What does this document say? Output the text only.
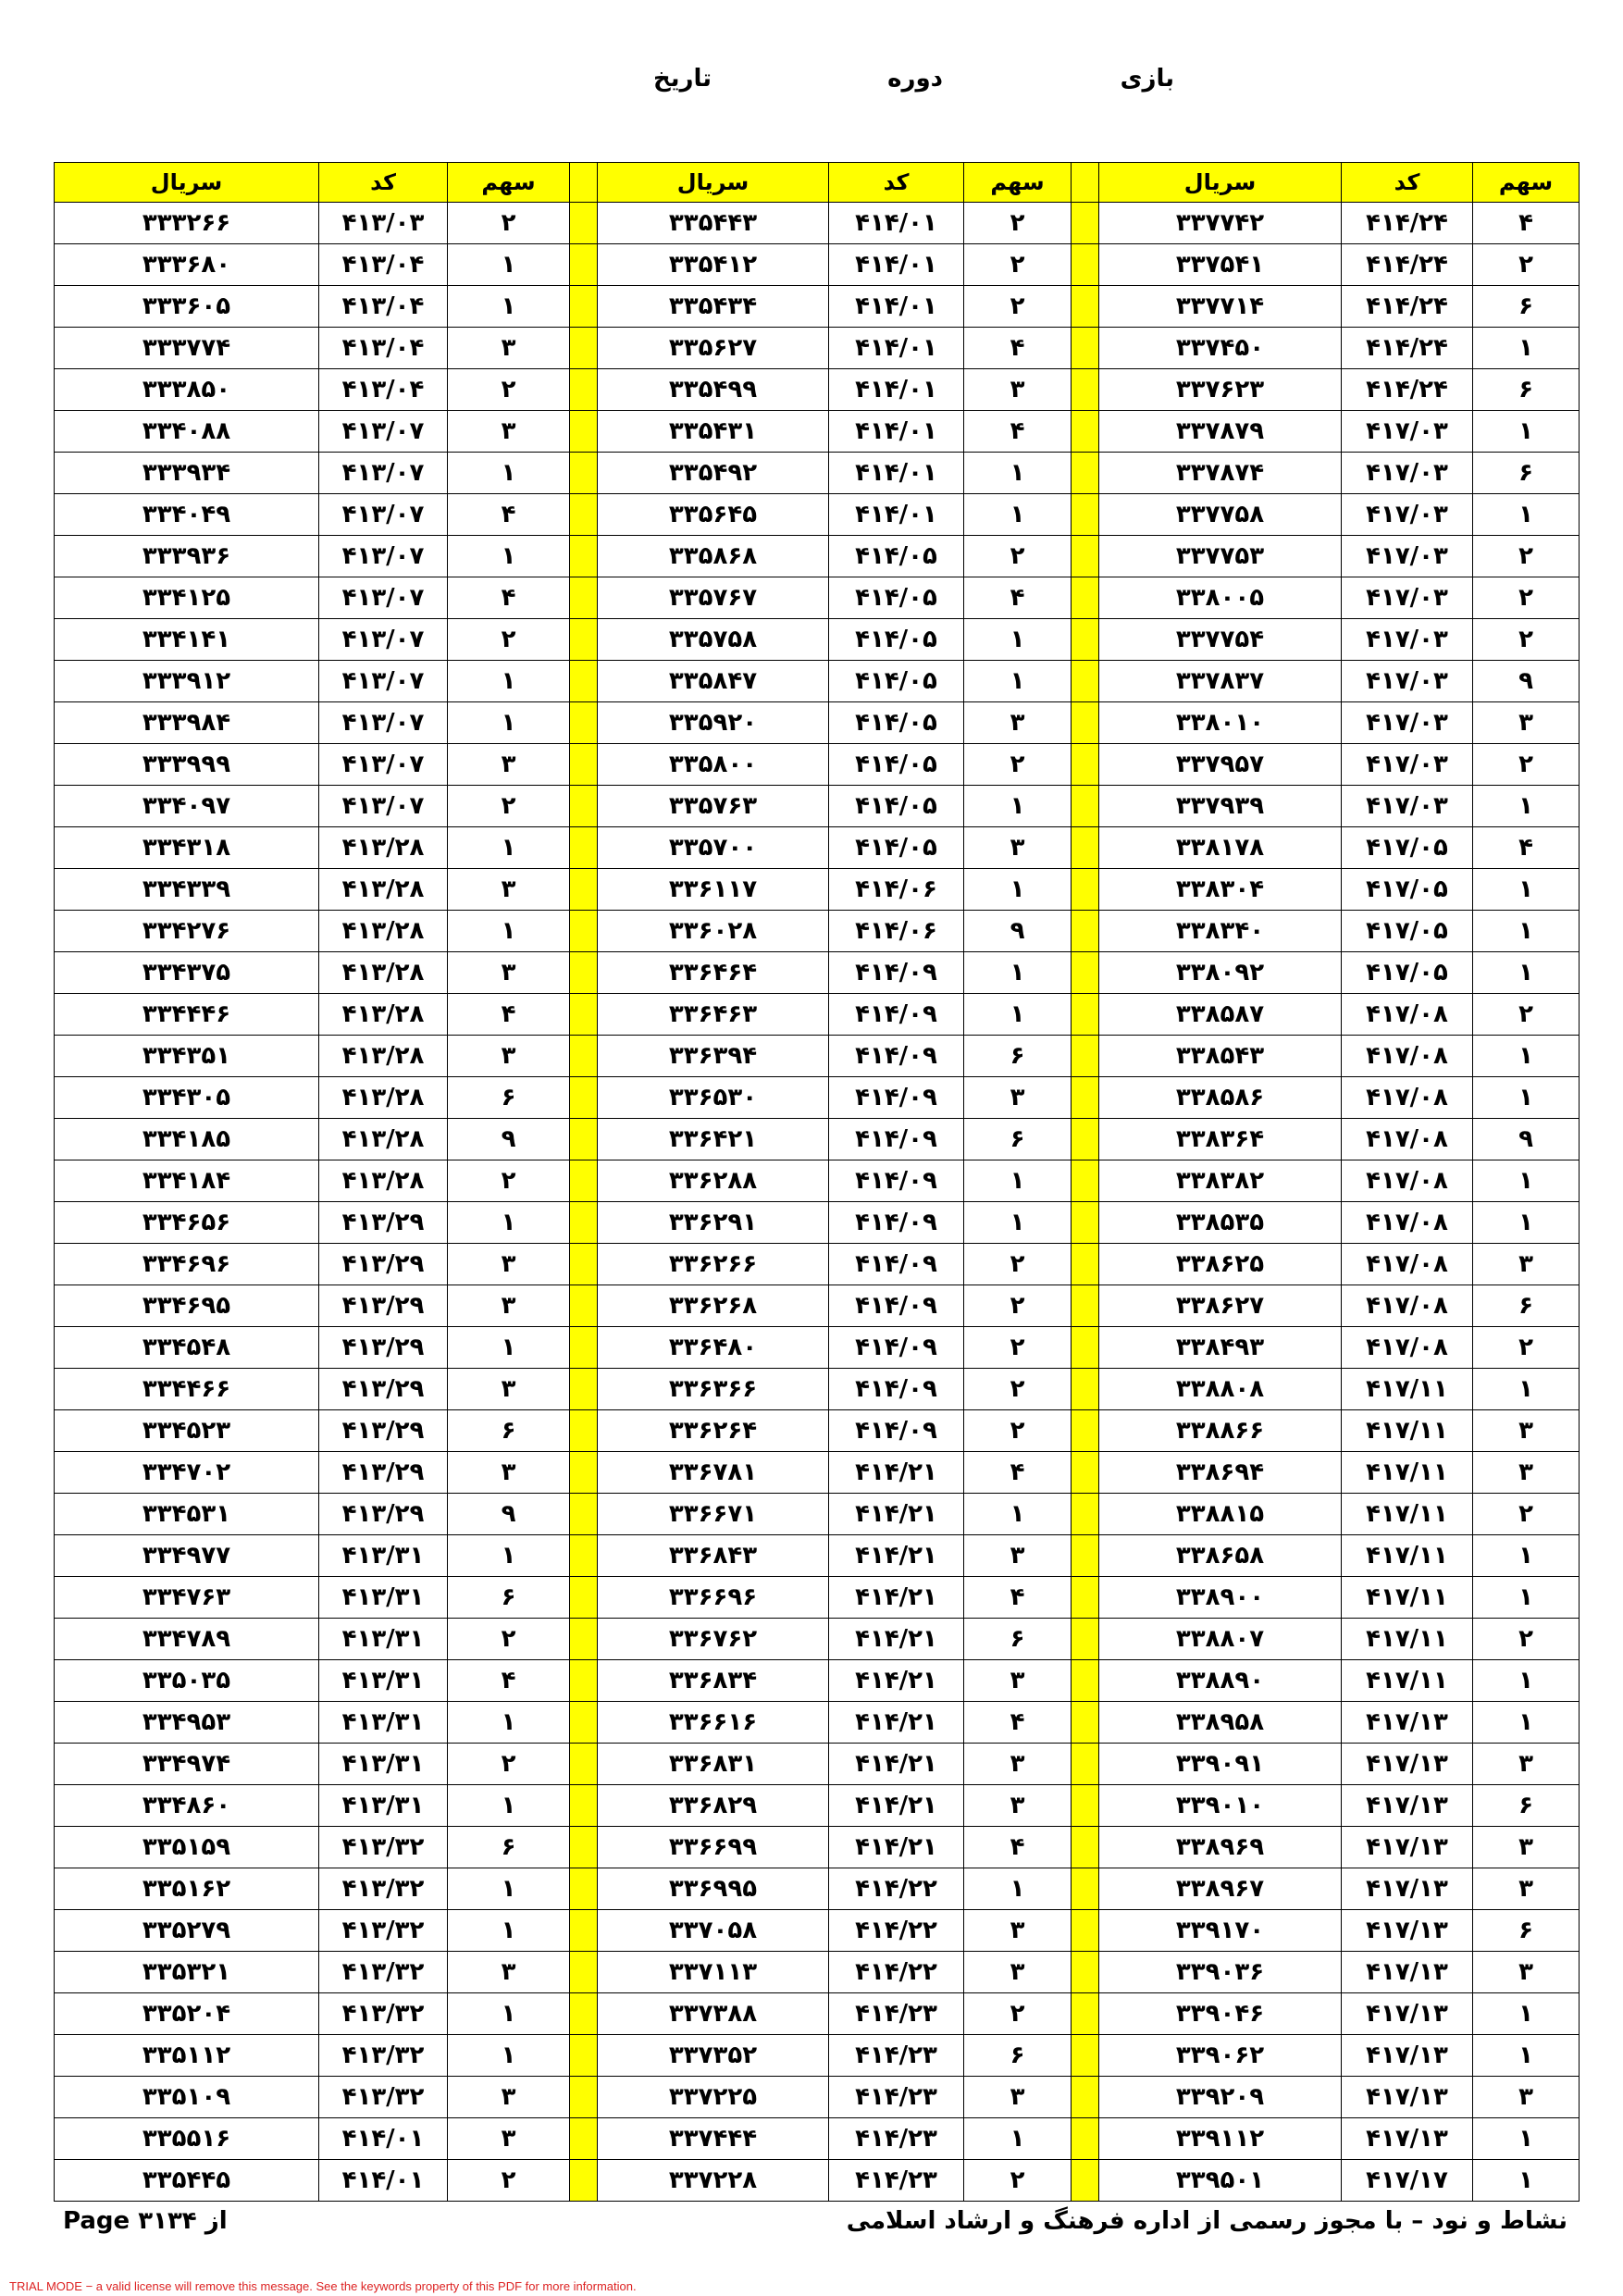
بازی
دوره
تاریخ
سهم	کد	سریال		سهم	کد	سریال		سهم	کد	سریال
۴	۴۱۴/۲۴	۳۳۷۷۴۲		۲	۴۱۴/۰۱	۳۳۵۴۴۳		۲	۴۱۳/۰۳	۳۳۳۲۶۶
۲	۴۱۴/۲۴	۳۳۷۵۴۱		۲	۴۱۴/۰۱	۳۳۵۴۱۲		۱	۴۱۳/۰۴	۳۳۳۶۸۰
۶	۴۱۴/۲۴	۳۳۷۷۱۴		۲	۴۱۴/۰۱	۳۳۵۴۳۴		۱	۴۱۳/۰۴	۳۳۳۶۰۵
۱	۴۱۴/۲۴	۳۳۷۴۵۰		۴	۴۱۴/۰۱	۳۳۵۶۲۷		۳	۴۱۳/۰۴	۳۳۳۷۷۴
۶	۴۱۴/۲۴	۳۳۷۶۲۳		۳	۴۱۴/۰۱	۳۳۵۴۹۹		۲	۴۱۳/۰۴	۳۳۳۸۵۰
۱	۴۱۷/۰۳	۳۳۷۸۷۹		۴	۴۱۴/۰۱	۳۳۵۴۳۱		۳	۴۱۳/۰۷	۳۳۴۰۸۸
۶	۴۱۷/۰۳	۳۳۷۸۷۴		۱	۴۱۴/۰۱	۳۳۵۴۹۲		۱	۴۱۳/۰۷	۳۳۳۹۳۴
۱	۴۱۷/۰۳	۳۳۷۷۵۸		۱	۴۱۴/۰۱	۳۳۵۶۴۵		۴	۴۱۳/۰۷	۳۳۴۰۴۹
۲	۴۱۷/۰۳	۳۳۷۷۵۳		۲	۴۱۴/۰۵	۳۳۵۸۶۸		۱	۴۱۳/۰۷	۳۳۳۹۳۶
۲	۴۱۷/۰۳	۳۳۸۰۰۵		۴	۴۱۴/۰۵	۳۳۵۷۶۷		۴	۴۱۳/۰۷	۳۳۴۱۲۵
۲	۴۱۷/۰۳	۳۳۷۷۵۴		۱	۴۱۴/۰۵	۳۳۵۷۵۸		۲	۴۱۳/۰۷	۳۳۴۱۴۱
۹	۴۱۷/۰۳	۳۳۷۸۳۷		۱	۴۱۴/۰۵	۳۳۵۸۴۷		۱	۴۱۳/۰۷	۳۳۳۹۱۲
۳	۴۱۷/۰۳	۳۳۸۰۱۰		۳	۴۱۴/۰۵	۳۳۵۹۲۰		۱	۴۱۳/۰۷	۳۳۳۹۸۴
۲	۴۱۷/۰۳	۳۳۷۹۵۷		۲	۴۱۴/۰۵	۳۳۵۸۰۰		۳	۴۱۳/۰۷	۳۳۳۹۹۹
۱	۴۱۷/۰۳	۳۳۷۹۳۹		۱	۴۱۴/۰۵	۳۳۵۷۶۳		۲	۴۱۳/۰۷	۳۳۴۰۹۷
۴	۴۱۷/۰۵	۳۳۸۱۷۸		۳	۴۱۴/۰۵	۳۳۵۷۰۰		۱	۴۱۳/۲۸	۳۳۴۳۱۸
۱	۴۱۷/۰۵	۳۳۸۳۰۴		۱	۴۱۴/۰۶	۳۳۶۱۱۷		۳	۴۱۳/۲۸	۳۳۴۳۳۹
۱	۴۱۷/۰۵	۳۳۸۳۴۰		۹	۴۱۴/۰۶	۳۳۶۰۲۸		۱	۴۱۳/۲۸	۳۳۴۲۷۶
۱	۴۱۷/۰۵	۳۳۸۰۹۲		۱	۴۱۴/۰۹	۳۳۶۴۶۴		۳	۴۱۳/۲۸	۳۳۴۳۷۵
۲	۴۱۷/۰۸	۳۳۸۵۸۷		۱	۴۱۴/۰۹	۳۳۶۴۶۳		۴	۴۱۳/۲۸	۳۳۴۴۴۶
۱	۴۱۷/۰۸	۳۳۸۵۴۳		۶	۴۱۴/۰۹	۳۳۶۳۹۴		۳	۴۱۳/۲۸	۳۳۴۳۵۱
۱	۴۱۷/۰۸	۳۳۸۵۸۶		۳	۴۱۴/۰۹	۳۳۶۵۳۰		۶	۴۱۳/۲۸	۳۳۴۳۰۵
۹	۴۱۷/۰۸	۳۳۸۳۶۴		۶	۴۱۴/۰۹	۳۳۶۴۲۱		۹	۴۱۳/۲۸	۳۳۴۱۸۵
۱	۴۱۷/۰۸	۳۳۸۳۸۲		۱	۴۱۴/۰۹	۳۳۶۲۸۸		۲	۴۱۳/۲۸	۳۳۴۱۸۴
۱	۴۱۷/۰۸	۳۳۸۵۳۵		۱	۴۱۴/۰۹	۳۳۶۲۹۱		۱	۴۱۳/۲۹	۳۳۴۶۵۶
۳	۴۱۷/۰۸	۳۳۸۶۲۵		۲	۴۱۴/۰۹	۳۳۶۲۶۶		۳	۴۱۳/۲۹	۳۳۴۶۹۶
۶	۴۱۷/۰۸	۳۳۸۶۲۷		۲	۴۱۴/۰۹	۳۳۶۲۶۸		۳	۴۱۳/۲۹	۳۳۴۶۹۵
۲	۴۱۷/۰۸	۳۳۸۴۹۳		۲	۴۱۴/۰۹	۳۳۶۴۸۰		۱	۴۱۳/۲۹	۳۳۴۵۴۸
۱	۴۱۷/۱۱	۳۳۸۸۰۸		۲	۴۱۴/۰۹	۳۳۶۳۶۶		۳	۴۱۳/۲۹	۳۳۴۴۶۶
۳	۴۱۷/۱۱	۳۳۸۸۶۶		۲	۴۱۴/۰۹	۳۳۶۲۶۴		۶	۴۱۳/۲۹	۳۳۴۵۲۳
۳	۴۱۷/۱۱	۳۳۸۶۹۴		۴	۴۱۴/۲۱	۳۳۶۷۸۱		۳	۴۱۳/۲۹	۳۳۴۷۰۲
۲	۴۱۷/۱۱	۳۳۸۸۱۵		۱	۴۱۴/۲۱	۳۳۶۶۷۱		۹	۴۱۳/۲۹	۳۳۴۵۳۱
۱	۴۱۷/۱۱	۳۳۸۶۵۸		۳	۴۱۴/۲۱	۳۳۶۸۴۳		۱	۴۱۳/۳۱	۳۳۴۹۷۷
۱	۴۱۷/۱۱	۳۳۸۹۰۰		۴	۴۱۴/۲۱	۳۳۶۶۹۶		۶	۴۱۳/۳۱	۳۳۴۷۶۳
۲	۴۱۷/۱۱	۳۳۸۸۰۷		۶	۴۱۴/۲۱	۳۳۶۷۶۲		۲	۴۱۳/۳۱	۳۳۴۷۸۹
۱	۴۱۷/۱۱	۳۳۸۸۹۰		۳	۴۱۴/۲۱	۳۳۶۸۳۴		۴	۴۱۳/۳۱	۳۳۵۰۳۵
۱	۴۱۷/۱۳	۳۳۸۹۵۸		۴	۴۱۴/۲۱	۳۳۶۶۱۶		۱	۴۱۳/۳۱	۳۳۴۹۵۳
۳	۴۱۷/۱۳	۳۳۹۰۹۱		۳	۴۱۴/۲۱	۳۳۶۸۳۱		۲	۴۱۳/۳۱	۳۳۴۹۷۴
۶	۴۱۷/۱۳	۳۳۹۰۱۰		۳	۴۱۴/۲۱	۳۳۶۸۲۹		۱	۴۱۳/۳۱	۳۳۴۸۶۰
۳	۴۱۷/۱۳	۳۳۸۹۶۹		۴	۴۱۴/۲۱	۳۳۶۶۹۹		۶	۴۱۳/۳۲	۳۳۵۱۵۹
۳	۴۱۷/۱۳	۳۳۸۹۶۷		۱	۴۱۴/۲۲	۳۳۶۹۹۵		۱	۴۱۳/۳۲	۳۳۵۱۶۲
۶	۴۱۷/۱۳	۳۳۹۱۷۰		۳	۴۱۴/۲۲	۳۳۷۰۵۸		۱	۴۱۳/۳۲	۳۳۵۲۷۹
۳	۴۱۷/۱۳	۳۳۹۰۳۶		۳	۴۱۴/۲۲	۳۳۷۱۱۳		۳	۴۱۳/۳۲	۳۳۵۳۲۱
۱	۴۱۷/۱۳	۳۳۹۰۴۶		۲	۴۱۴/۲۳	۳۳۷۳۸۸		۱	۴۱۳/۳۲	۳۳۵۲۰۴
۱	۴۱۷/۱۳	۳۳۹۰۶۲		۶	۴۱۴/۲۳	۳۳۷۳۵۲		۱	۴۱۳/۳۲	۳۳۵۱۱۲
۳	۴۱۷/۱۳	۳۳۹۲۰۹		۳	۴۱۴/۲۳	۳۳۷۲۲۵		۳	۴۱۳/۳۲	۳۳۵۱۰۹
۱	۴۱۷/۱۳	۳۳۹۱۱۲		۱	۴۱۴/۲۳	۳۳۷۴۴۴		۳	۴۱۴/۰۱	۳۳۵۵۱۶
۱	۴۱۷/۱۷	۳۳۹۵۰۱		۲	۴۱۴/۲۳	۳۳۷۲۲۸		۲	۴۱۴/۰۱	۳۳۵۴۴۵
نشاط و نود – با مجوز رسمی از اداره فرهنگ و ارشاد اسلامی
Page ۳۱۳۴ از
TRIAL MODE − a valid license will remove this message. See the keywords property of this PDF for more information.
